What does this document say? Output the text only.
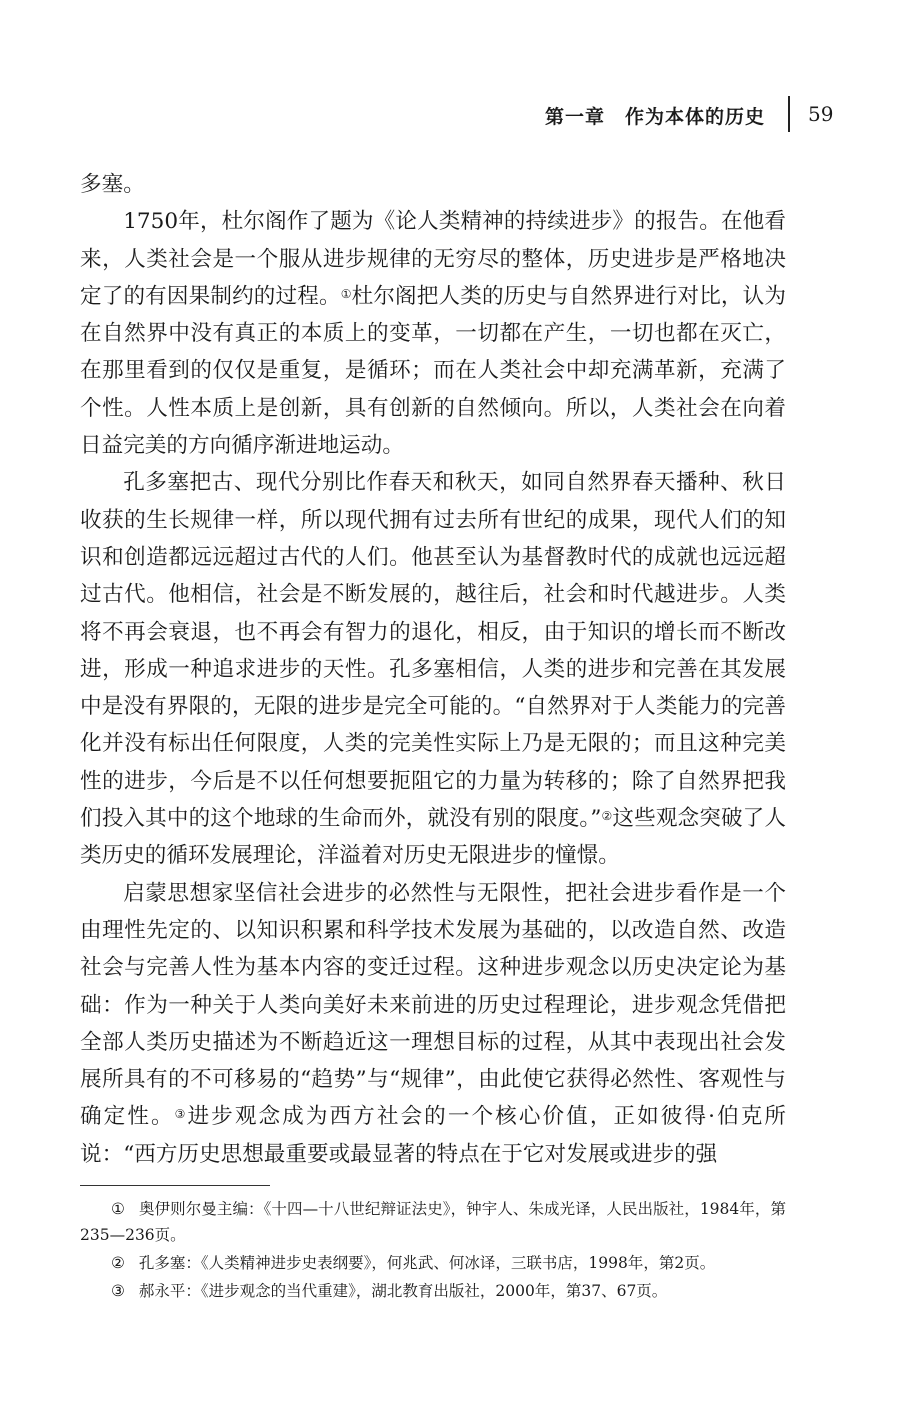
第一章　作为本体的历史 59

多塞。

1750年，杜尔阁作了题为《论人类精神的持续进步》的报告。在他看来，人类社会是一个服从进步规律的无穷尽的整体，历史进步是严格地决定了的有因果制约的过程。①杜尔阁把人类的历史与自然界进行对比，认为在自然界中没有真正的本质上的变革，一切都在产生，一切也都在灭亡，在那里看到的仅仅是重复，是循环；而在人类社会中却充满革新，充满了个性。人性本质上是创新，具有创新的自然倾向。所以，人类社会在向着日益完美的方向循序渐进地运动。

孔多塞把古、现代分别比作春天和秋天，如同自然界春天播种、秋日收获的生长规律一样，所以现代拥有过去所有世纪的成果，现代人们的知识和创造都远远超过古代的人们。他甚至认为基督教时代的成就也远远超过古代。他相信，社会是不断发展的，越往后，社会和时代越进步。人类将不再会衰退，也不再会有智力的退化，相反，由于知识的增长而不断改进，形成一种追求进步的天性。孔多塞相信，人类的进步和完善在其发展中是没有界限的，无限的进步是完全可能的。“自然界对于人类能力的完善化并没有标出任何限度，人类的完美性实际上乃是无限的；而且这种完美性的进步，今后是不以任何想要扼阻它的力量为转移的；除了自然界把我们投入其中的这个地球的生命而外，就没有别的限度。”②这些观念突破了人类历史的循环发展理论，洋溢着对历史无限进步的憧憬。

启蒙思想家坚信社会进步的必然性与无限性，把社会进步看作是一个由理性先定的、以知识积累和科学技术发展为基础的，以改造自然、改造社会与完善人性为基本内容的变迁过程。这种进步观念以历史决定论为基础：作为一种关于人类向美好未来前进的历史过程理论，进步观念凭借把全部人类历史描述为不断趋近这一理想目标的过程，从其中表现出社会发展所具有的不可移易的“趋势”与“规律”，由此使它获得必然性、客观性与确定性。③进步观念成为西方社会的一个核心价值，正如彼得·伯克所说：“西方历史思想最重要或最显著的特点在于它对发展或进步的强

① 奥伊则尔曼主编：《十四—十八世纪辩证法史》，钟宇人、朱成光译，人民出版社，1984年，第235—236页。

② 孔多塞：《人类精神进步史表纲要》，何兆武、何冰译，三联书店，1998年，第2页。

③ 郝永平：《进步观念的当代重建》，湖北教育出版社，2000年，第37、67页。
